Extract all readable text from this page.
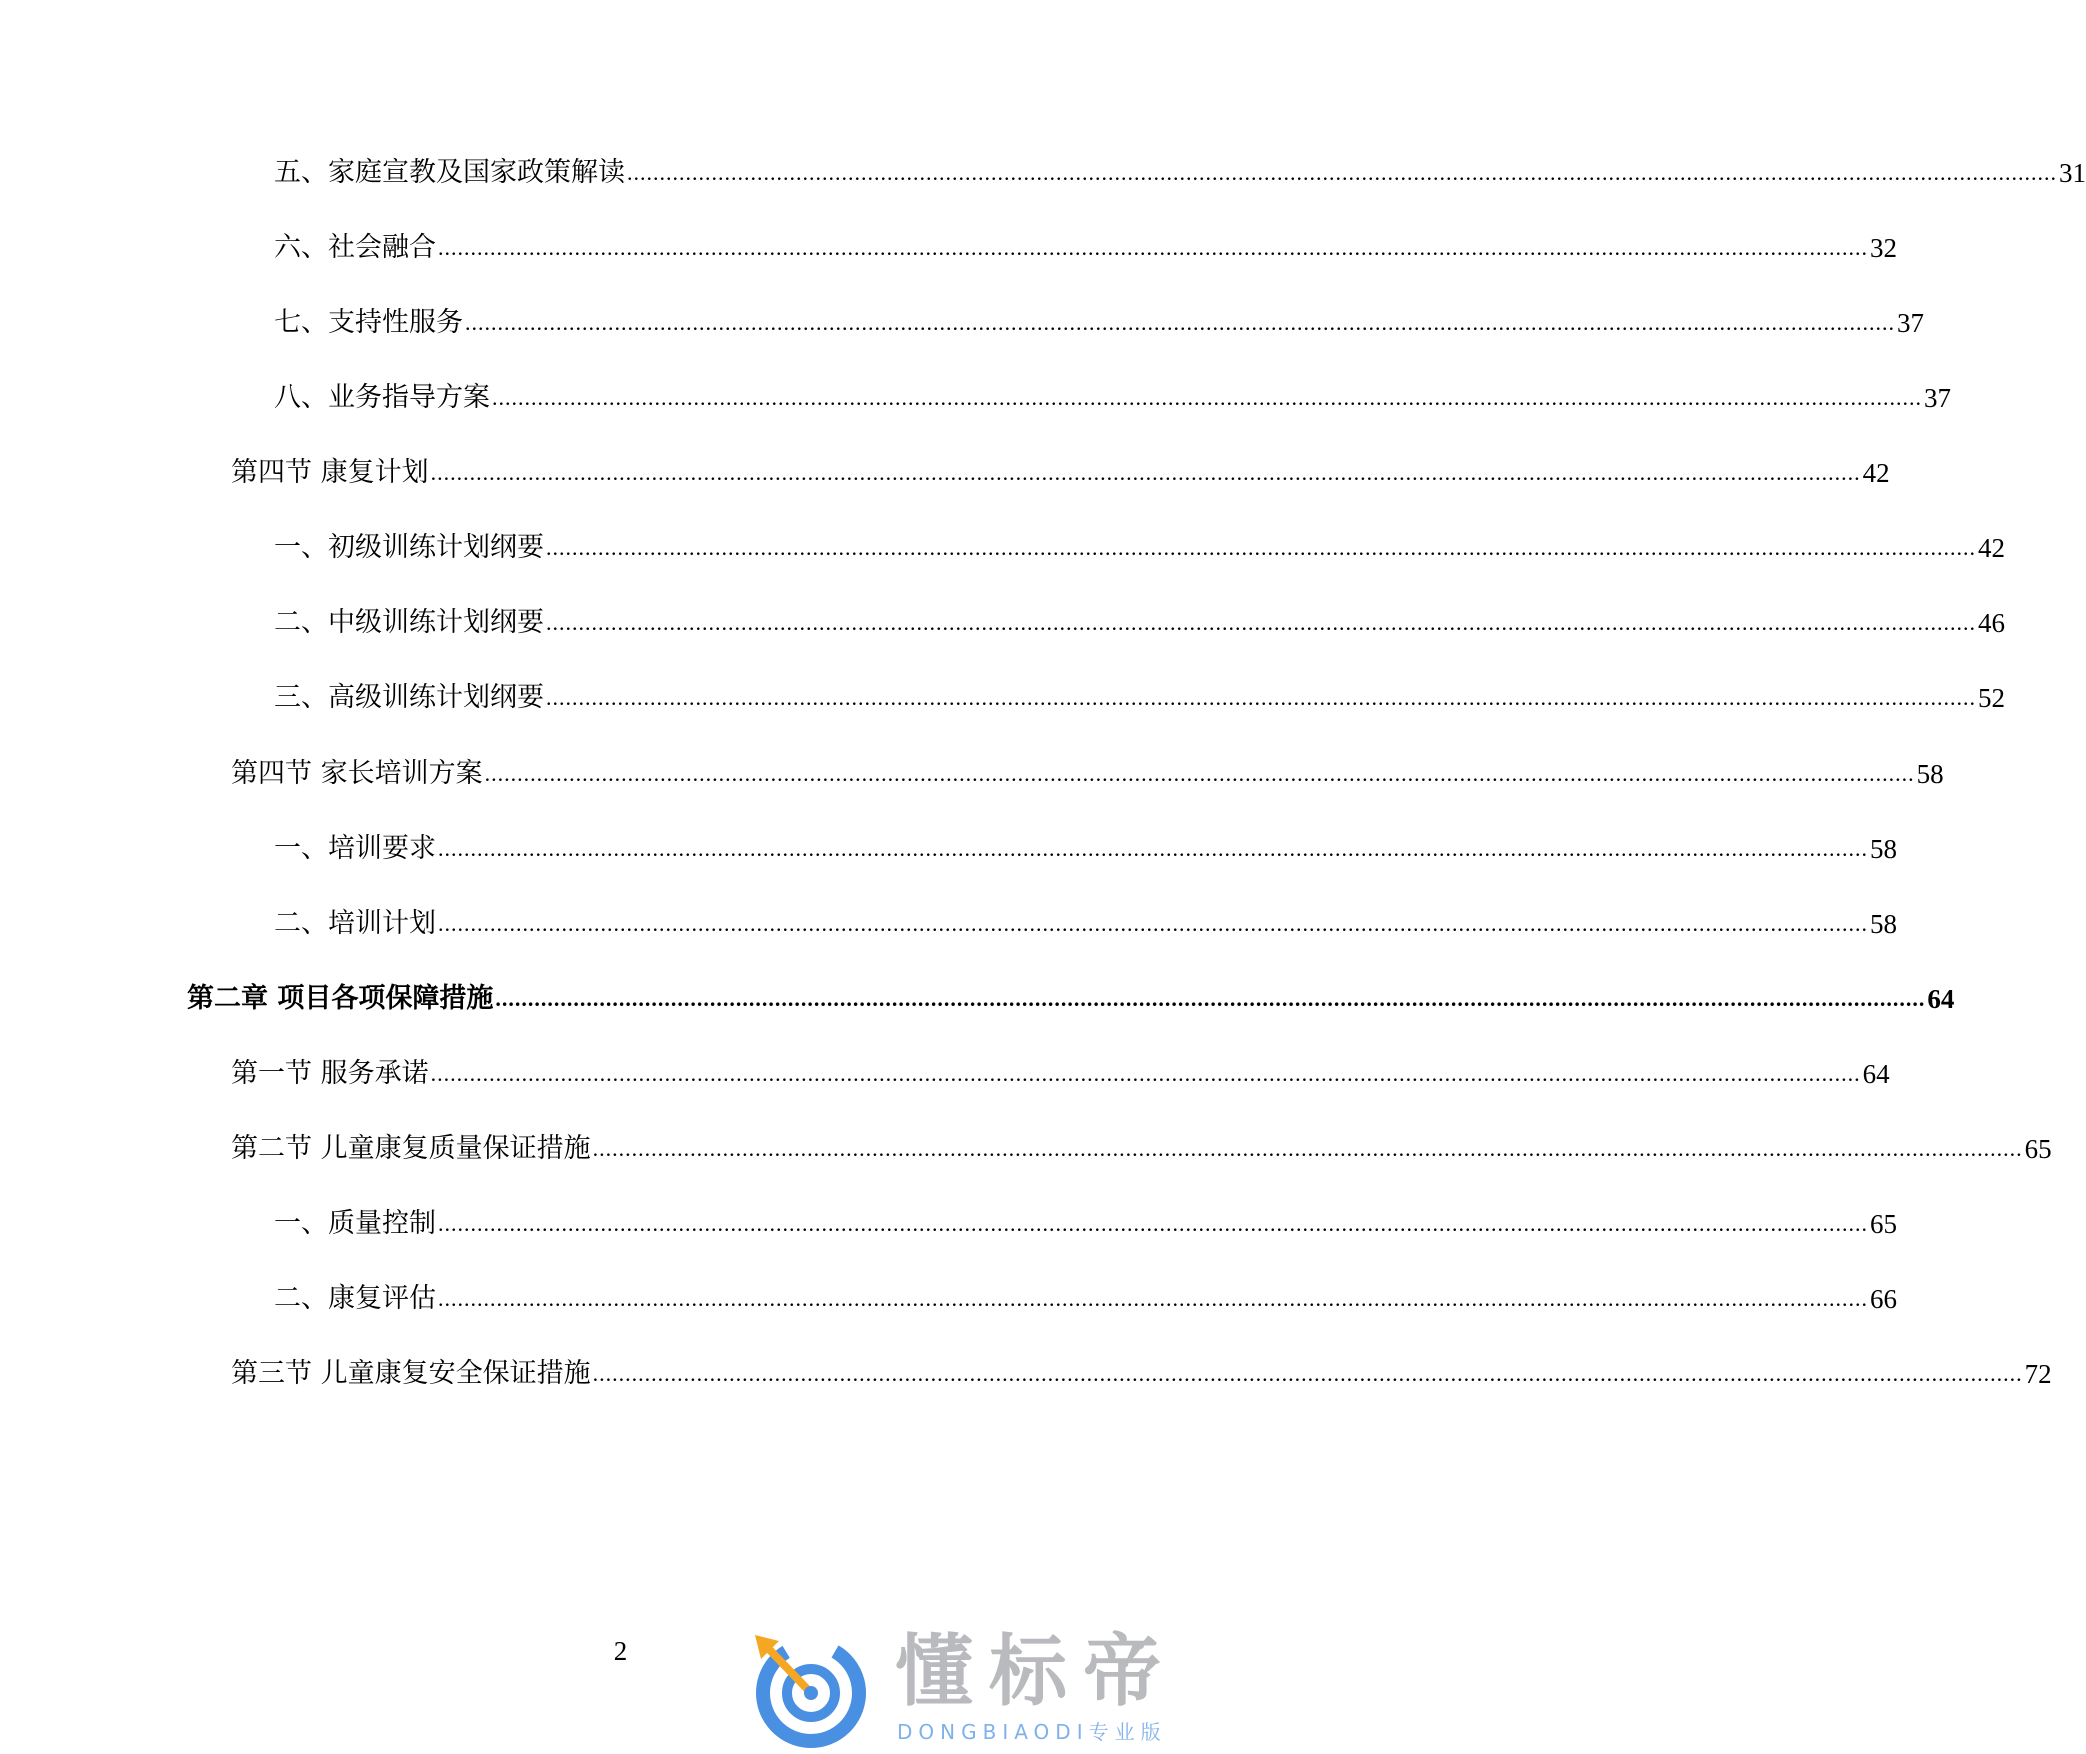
五、家庭宣教及国家政策解读 ............................................................................................................................................................................................................................ 31
六、社会融合 ............................................................................................................................................................................................................................ 32
七、支持性服务 ............................................................................................................................................................................................................................ 37
八、业务指导方案 ............................................................................................................................................................................................................................ 37
第四节 康复计划 ............................................................................................................................................................................................................................ 42
一、初级训练计划纲要 ............................................................................................................................................................................................................................ 42
二、中级训练计划纲要 ............................................................................................................................................................................................................................ 46
三、高级训练计划纲要 ............................................................................................................................................................................................................................ 52
第四节 家长培训方案 ............................................................................................................................................................................................................................ 58
一、培训要求 ............................................................................................................................................................................................................................ 58
二、培训计划 ............................................................................................................................................................................................................................ 58
第二章 项目各项保障措施 ............................................................................................................................................................................................................................ 64
第一节 服务承诺 ............................................................................................................................................................................................................................ 64
第二节 儿童康复质量保证措施 ............................................................................................................................................................................................................................ 65
一、质量控制 ............................................................................................................................................................................................................................ 65
二、康复评估 ............................................................................................................................................................................................................................ 66
第三节 儿童康复安全保证措施 ............................................................................................................................................................................................................................ 72
2	懂标帝
DONGBIAODI专业版
